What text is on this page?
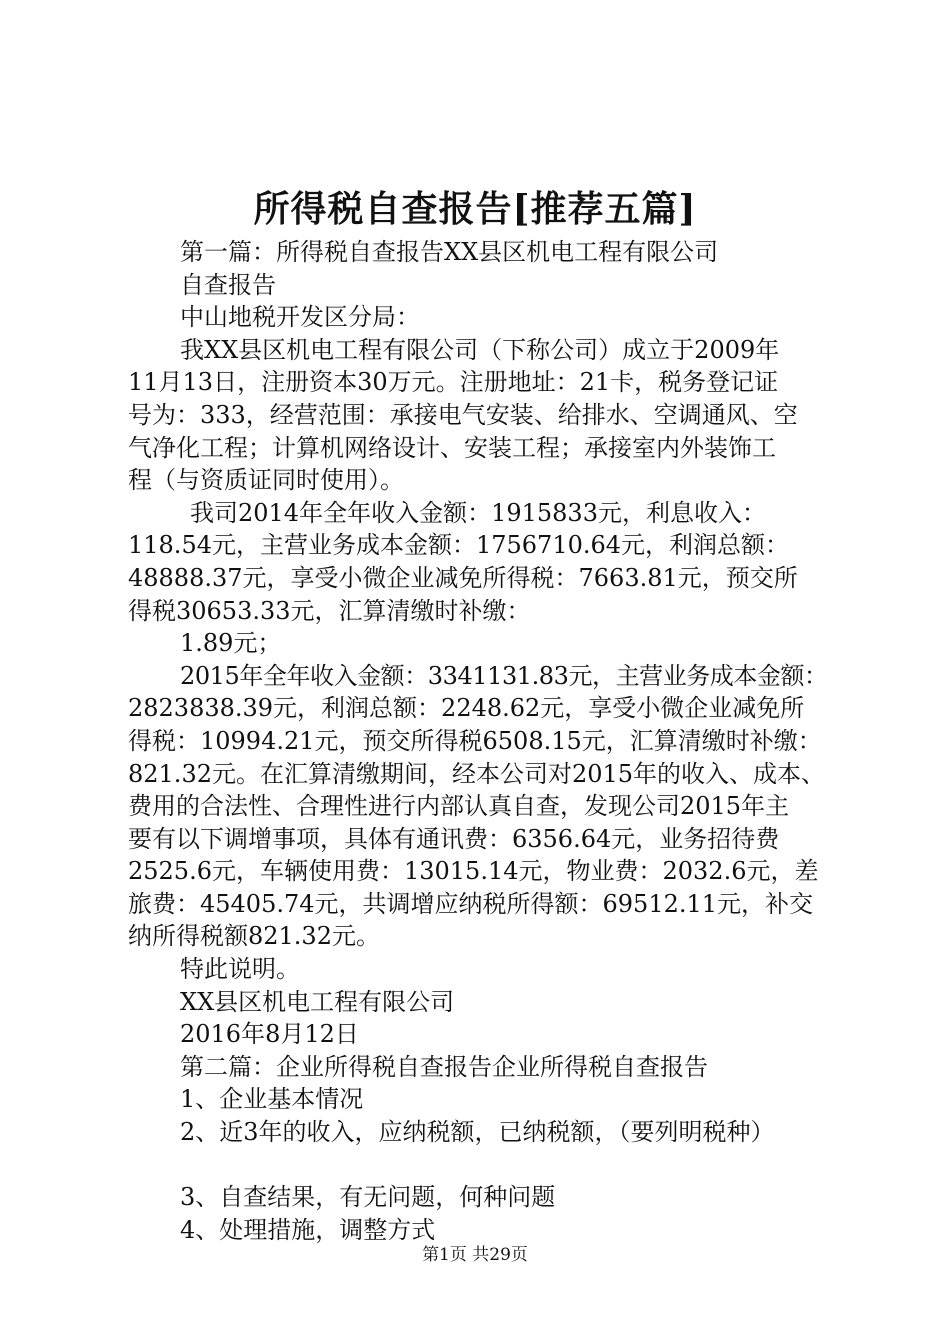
所得税自查报告[推荐五篇]
第一篇：所得税自查报告XX县区机电工程有限公司
自查报告
中山地税开发区分局：
我XX县区机电工程有限公司（下称公司）成立于2009年
11月13日，注册资本30万元。注册地址：21卡，税务登记证
号为：333，经营范围：承接电气安装、给排水、空调通风、空
气净化工程；计算机网络设计、安装工程；承接室内外装饰工
程（与资质证同时使用）。
我司2014年全年收入金额：1915833元，利息收入：
118.54元，主营业务成本金额：1756710.64元，利润总额：
48888.37元，享受小微企业减免所得税：7663.81元，预交所
得税30653.33元，汇算清缴时补缴：
1.89元；
2015年全年收入金额：3341131.83元，主营业务成本金额：
2823838.39元，利润总额：2248.62元，享受小微企业减免所
得税：10994.21元，预交所得税6508.15元，汇算清缴时补缴：
821.32元。在汇算清缴期间，经本公司对2015年的收入、成本、
费用的合法性、合理性进行内部认真自查，发现公司2015年主
要有以下调增事项，具体有通讯费：6356.64元，业务招待费
2525.6元，车辆使用费：13015.14元，物业费：2032.6元，差
旅费：45405.74元，共调增应纳税所得额：69512.11元，补交
纳所得税额821.32元。
特此说明。
XX县区机电工程有限公司
2016年8月12日
第二篇：企业所得税自查报告企业所得税自查报告
1、企业基本情况
2、近3年的收入，应纳税额，已纳税额，（要列明税种）
3、自查结果，有无问题，何种问题
4、处理措施，调整方式
第1页 共29页
